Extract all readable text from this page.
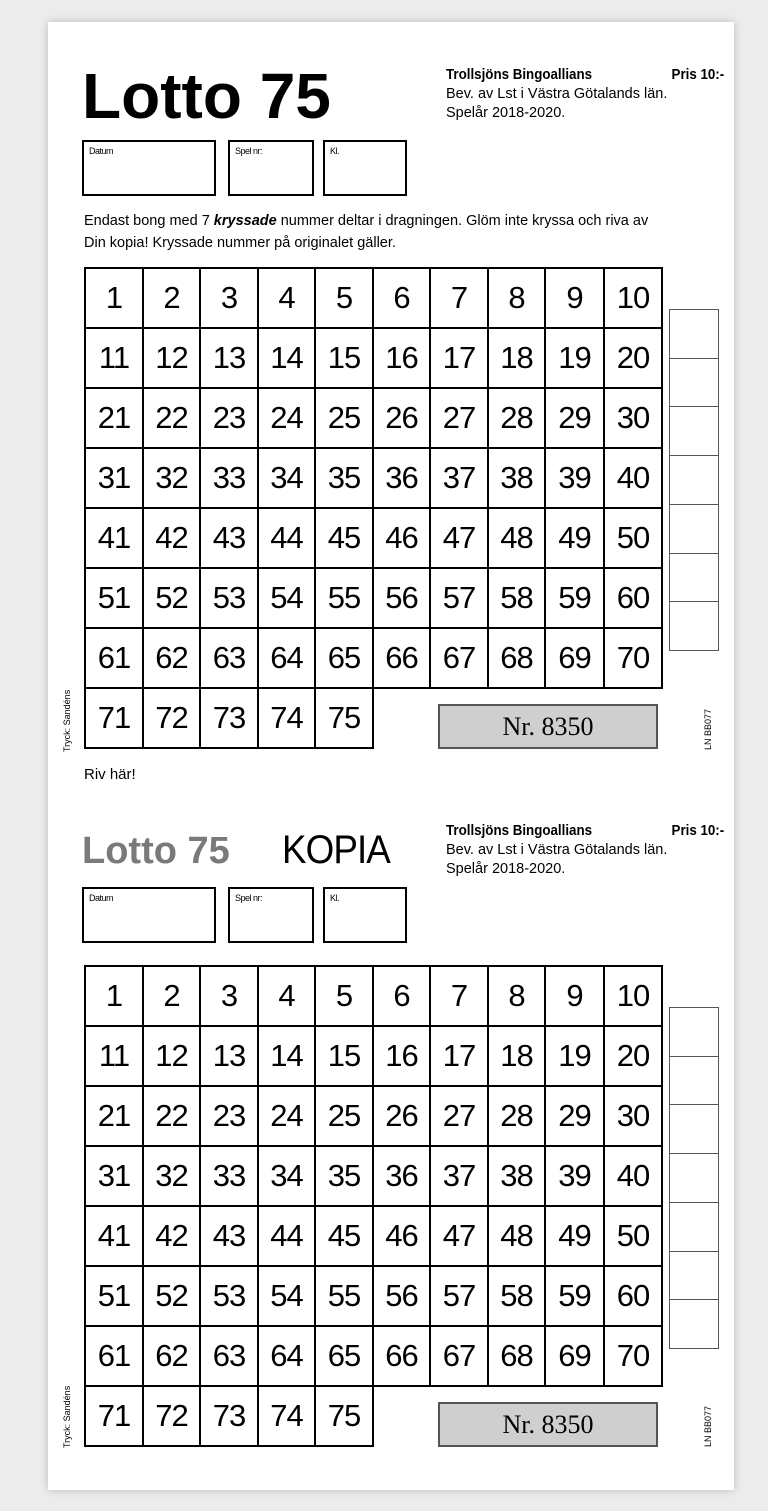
Lotto 75	Trollsjöns Bingoallians	Pris 10:-
Bev. av Lst i Västra Götalands län.
Spelår 2018-2020.
Datum	Spel nr:	Kl.
Endast bong med 7 kryssade nummer deltar i dragningen. Glöm inte kryssa och riva av Din kopia! Kryssade nummer på originalet gäller.
1	2	3	4	5	6	7	8	9	10
11 12 13 14 15 16 17 18 19 20
21 22 23 24 25 26 27 28 29 30
31 32 33 34 35 36 37 38 39 40
41 42 43 44 45 46 47 48 49 50
51 52 53 54 55 56 57 58 59 60
61 62 63 64 65 66 67 68 69 70
71 72 73 74 75	Nr. 8350
Tryck: Sandéns	LN BB077
Riv här!
Lotto 75 KOPIA	Trollsjöns Bingoallians	Pris 10:-
Bev. av Lst i Västra Götalands län.
Spelår 2018-2020.
Datum	Spel nr:	Kl.
1	2	3	4	5	6	7	8	9	10
11 12 13 14 15 16 17 18 19 20
21 22 23 24 25 26 27 28 29 30
31 32 33 34 35 36 37 38 39 40
41 42 43 44 45 46 47 48 49 50
51 52 53 54 55 56 57 58 59 60
61 62 63 64 65 66 67 68 69 70
71 72 73 74 75	Nr. 8350
Tryck: Sandéns	LN BB077
